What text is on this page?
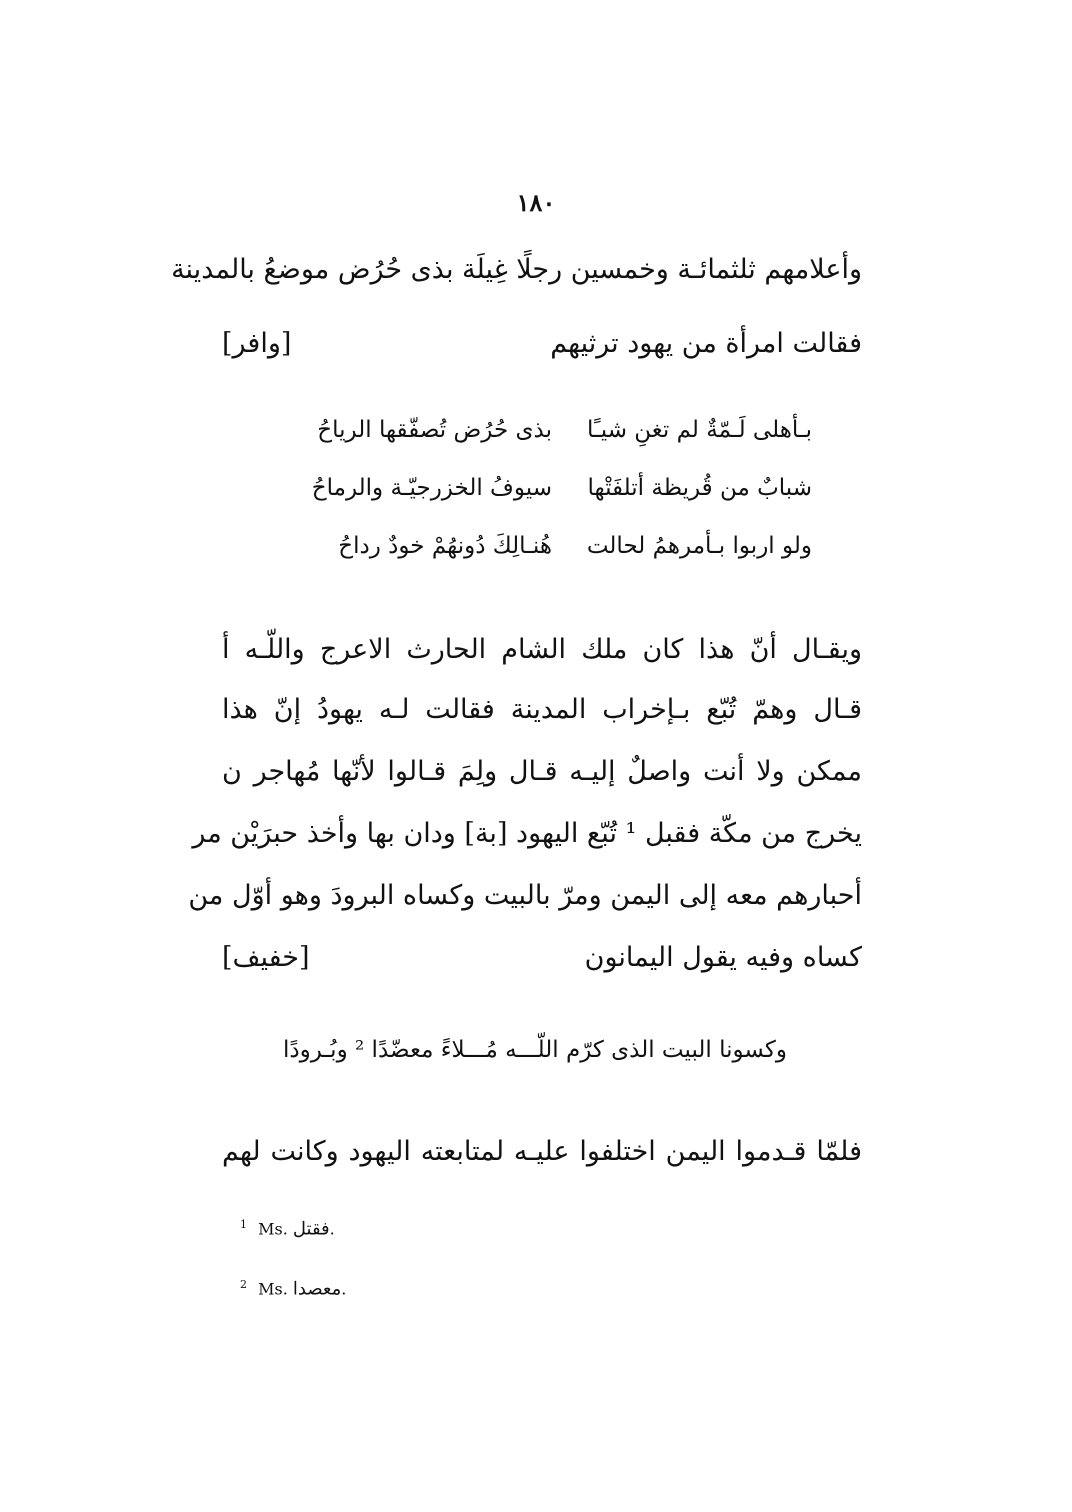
١٨٠
وأعلامهم ثلثمائـة وخمسين رجلًا غِيلَة بذى حُرُض موضعُ بالمدينة
فقالت امرأة من يهود ترثيهم
[وافر]
بـأهلى لَـمّةٌ لم تغنِ شيـًا
بذى حُرُض تُصفّقها الرياحُ
شبابٌ من قُريظة أتلفَتْها
سيوفُ الخزرجيّـة والرماحُ
ولو اربوا بـأمرهمُ لحالت
هُنـالِكَ دُونهُمْ خودٌ رداحُ
ويقـال أنّ هذا كان ملك الشام الحارث الاعرج واللّـه أ
قـال وهمّ تُبّع بـإخراب المدينة فقالت لـه يهودُ إنّ هذا
ممكن ولا أنت واصلٌ إليـه قـال ولِمَ قـالوا لأنّها مُهاجر ن
يخرج من مكّة فقبل ¹ تُبّع اليهود [بة] ودان بها وأخذ حبرَيْن مر
أحبارهم معه إلى اليمن ومرّ بالبيت وكساه البرودَ وهو أوّل من
كساه وفيه يقول اليمانون
[خفيف]
وكسونا البيت الذى كرّم اللّـــه مُـــلاءً معضّدًا ² وبُـرودًا
فلمّا قـدموا اليمن اختلفوا عليـه لمتابعته اليهود وكانت لهم
$^1$ Ms. فقتل.
$^2$ Ms. معصدا.
